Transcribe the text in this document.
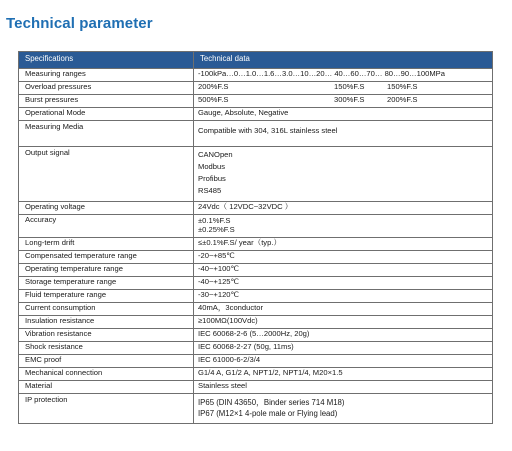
Technical parameter
Specifications	Technical data
Measuring ranges	-100kPa…0…1.0…1.6…3.0…10…20… 40…60…70… 80…90…100MPa

Overload pressures	200%F.S 150%F.S 150%F.S

Burst pressures	500%F.S 300%F.S 200%F.S

Operational Mode	Gauge, Absolute, Negative

Measuring Media	Compatible with 304, 316L stainless steel

Output signal	CANOpen
Modbus
Profibus
RS485

Operating voltage	24Vdc（ 12VDC~32VDC ）

Accuracy	±0.1%F.S
±0.25%F.S

Long-term drift	≤±0.1%F.S/ year（typ.）

Compensated temperature range	-20~+85℃

Operating temperature range	-40~+100℃

Storage temperature range	-40~+125℃

Fluid temperature range	-30~+120℃

Current consumption	40mA，3conductor

Insulation resistance	≥100MΩ(100Vdc)

Vibration resistance	IEC 60068-2-6 (5…2000Hz, 20g)

Shock resistance	IEC 60068-2-27 (50g, 11ms)

EMC proof	IEC 61000-6-2/3/4

Mechanical connection	G1/4 A, G1/2 A, NPT1/2, NPT1/4, M20×1.5

Material	Stainless steel

IP protection	IP65 (DIN 43650，Binder series 714 M18)
IP67 (M12×1 4-pole male or Flying lead)
